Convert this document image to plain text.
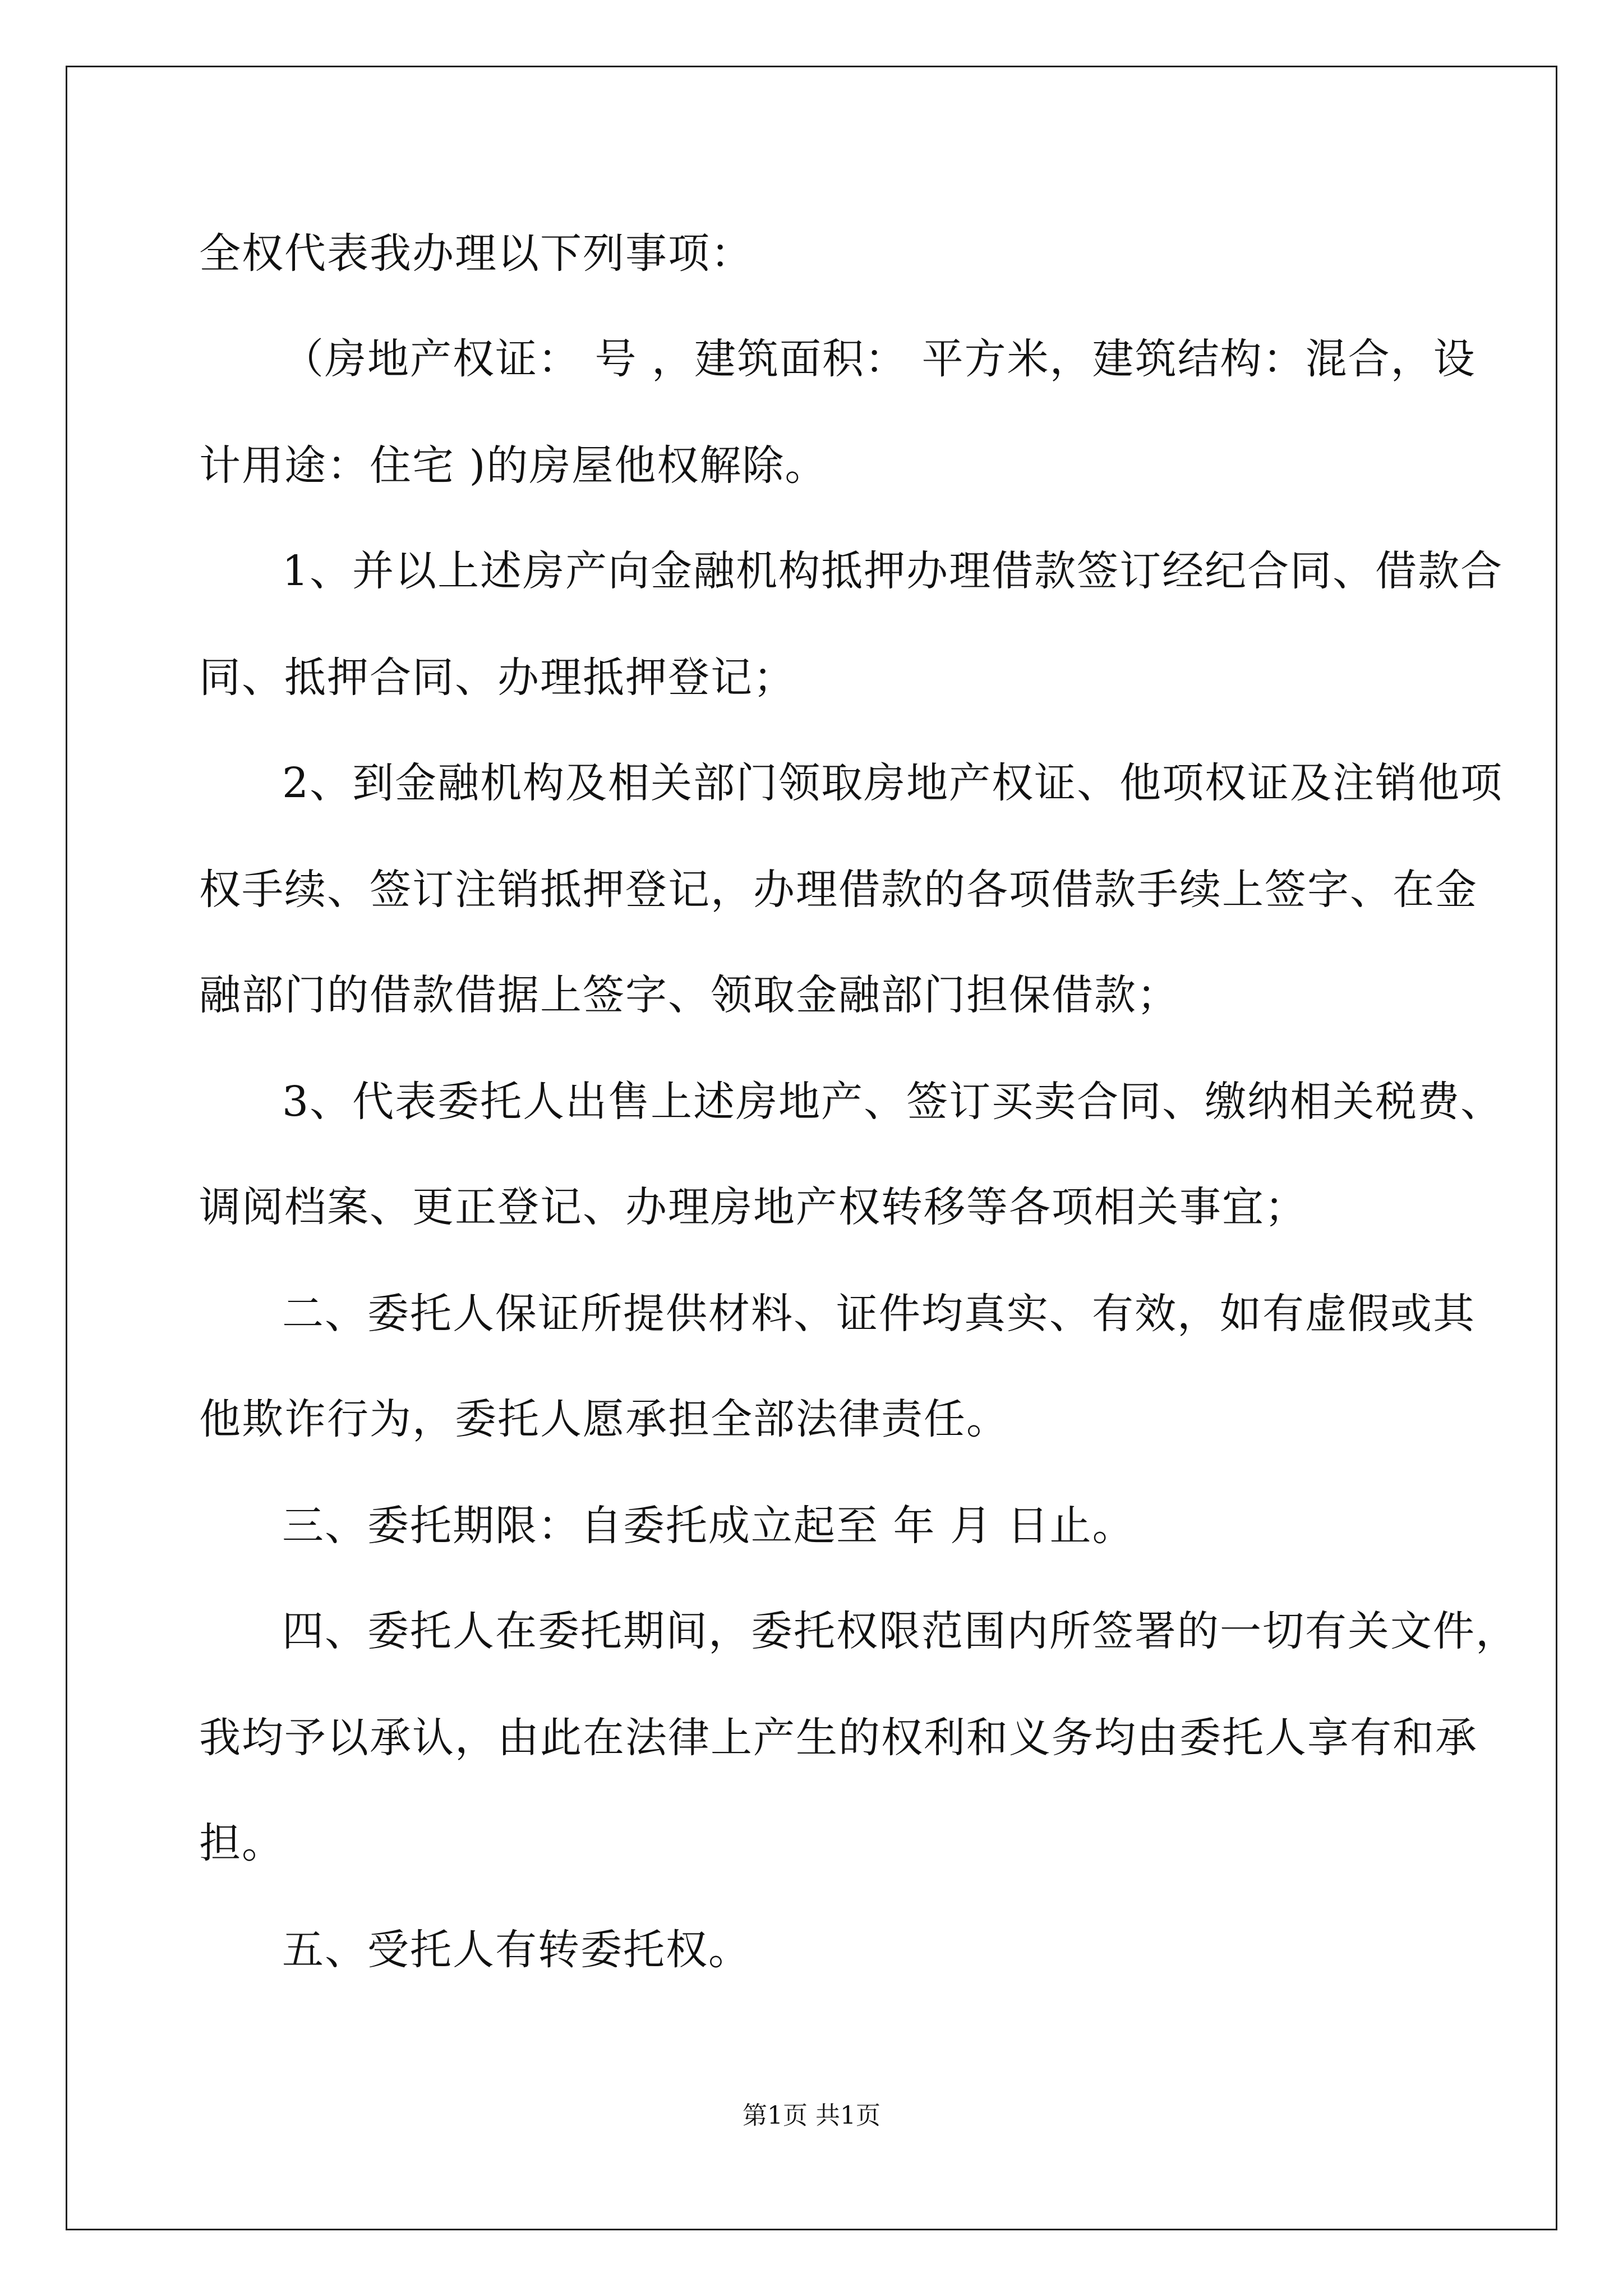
全权代表我办理以下列事项：
（房地产权证： 号 ，建筑面积： 平方米，建筑结构：混合，设
计用途：住宅 )的房屋他权解除。
1、并以上述房产向金融机构抵押办理借款签订经纪合同、借款合
同、抵押合同、办理抵押登记；
2、到金融机构及相关部门领取房地产权证、他项权证及注销他项
权手续、签订注销抵押登记，办理借款的各项借款手续上签字、在金
融部门的借款借据上签字、领取金融部门担保借款；
3、代表委托人出售上述房地产、签订买卖合同、缴纳相关税费、
调阅档案、更正登记、办理房地产权转移等各项相关事宜；
二、委托人保证所提供材料、证件均真实、有效，如有虚假或其
他欺诈行为，委托人愿承担全部法律责任。
三、委托期限：自委托成立起至 年 月 日止。
四、委托人在委托期间，委托权限范围内所签署的一切有关文件，
我均予以承认，由此在法律上产生的权利和义务均由委托人享有和承
担。
五、受托人有转委托权。
第1页 共1页
